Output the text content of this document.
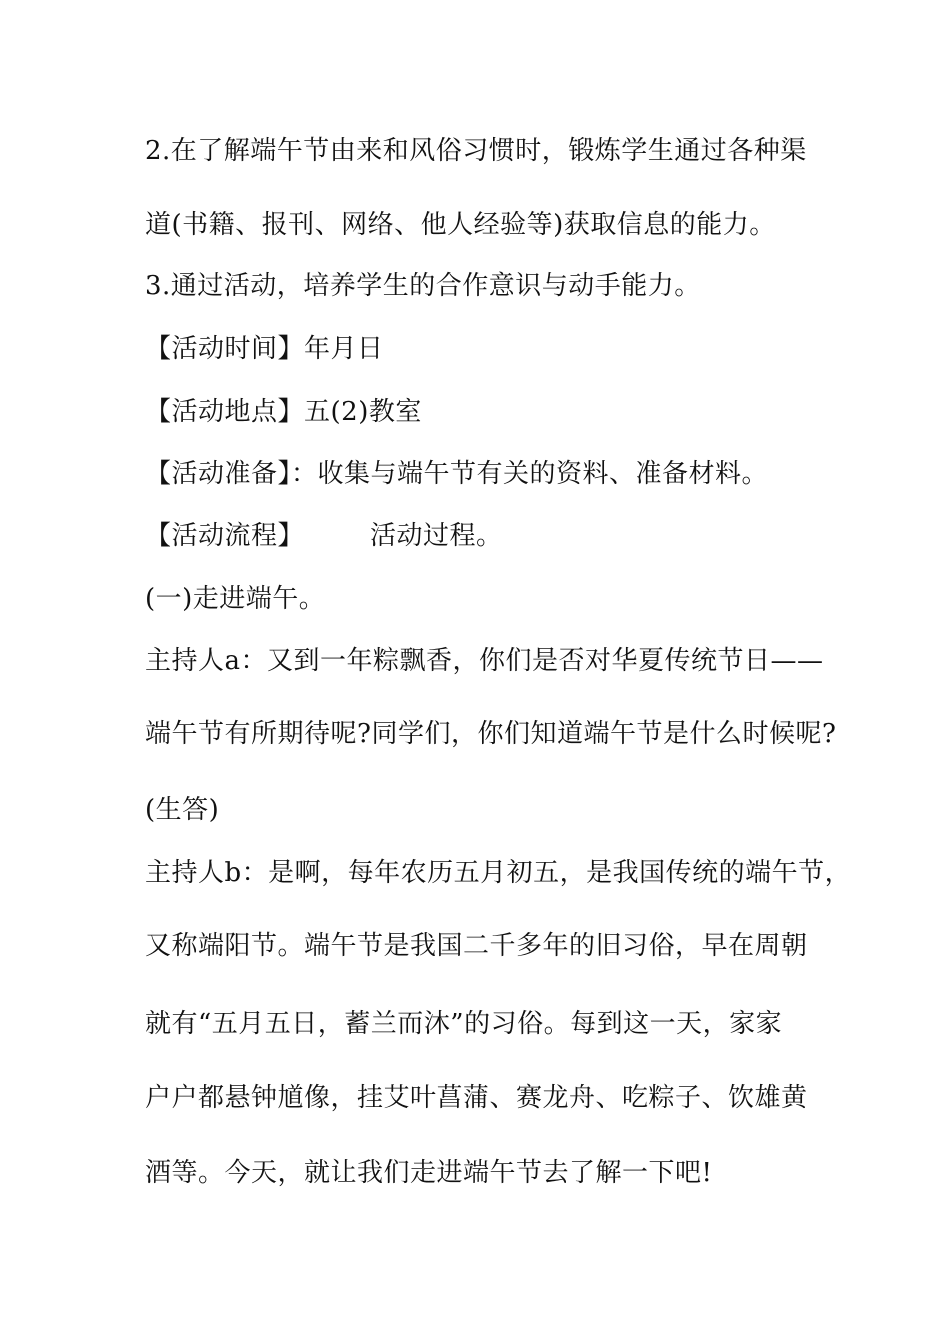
2.在了解端午节由来和风俗习惯时，锻炼学生通过各种渠
道(书籍、报刊、网络、他人经验等)获取信息的能力。
3.通过活动，培养学生的合作意识与动手能力。
【活动时间】年月日
【活动地点】五(2)教室
【活动准备】：收集与端午节有关的资料、准备材料。
【活动流程】	活动过程。
(一)走进端午。
主持人a：又到一年粽飘香，你们是否对华夏传统节日——
端午节有所期待呢?同学们，你们知道端午节是什么时候呢?
(生答)
主持人b：是啊，每年农历五月初五，是我国传统的端午节，
又称端阳节。端午节是我国二千多年的旧习俗，早在周朝
就有“五月五日，蓄兰而沐”的习俗。每到这一天，家家
户户都悬钟馗像，挂艾叶菖蒲、赛龙舟、吃粽子、饮雄黄
酒等。今天，就让我们走进端午节去了解一下吧!
